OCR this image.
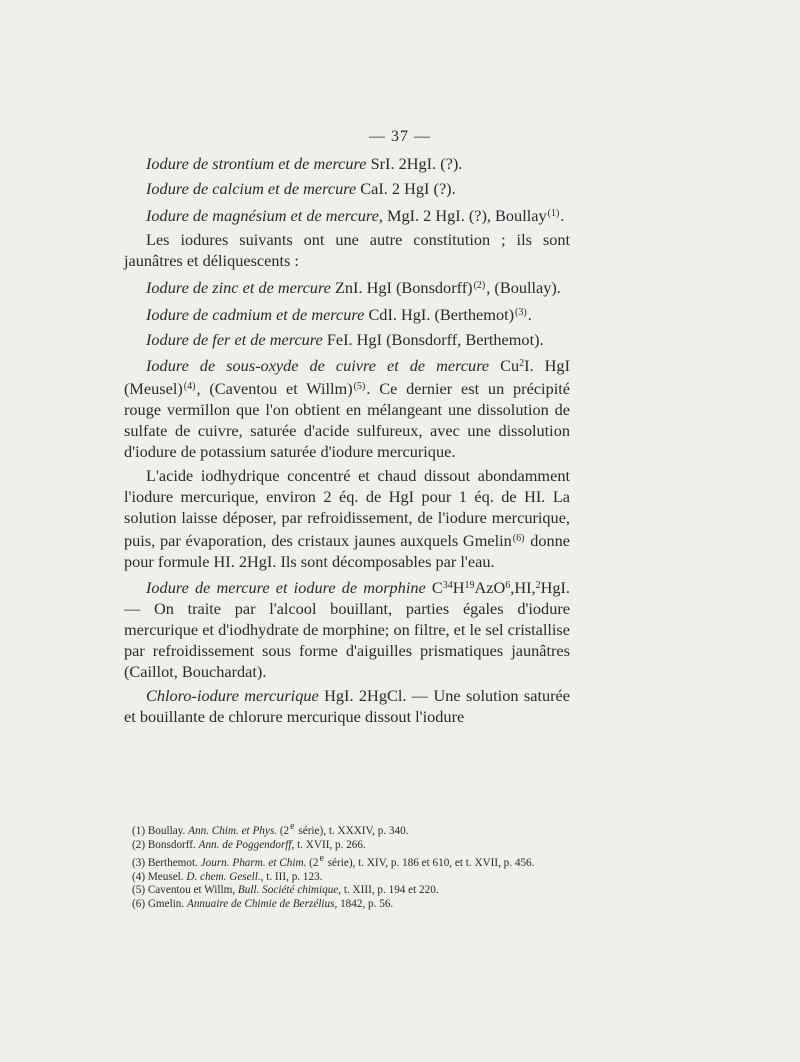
— 37 —

Iodure de strontium et de mercure SrI. 2HgI. (?).

Iodure de calcium et de mercure CaI. 2 HgI (?).

Iodure de magnésium et de mercure, MgI. 2 HgI. (?), Boullay$^{(1)}$.

Les iodures suivants ont une autre constitution ; ils sont jaunâtres et déliquescents :

Iodure de zinc et de mercure ZnI. HgI (Bonsdorff)$^{(2)}$, (Boullay).

Iodure de cadmium et de mercure CdI. HgI. (Berthemot)$^{(3)}$.

Iodure de fer et de mercure FeI. HgI (Bonsdorff, Berthemot).

Iodure de sous-oxyde de cuivre et de mercure Cu$^2$I. HgI (Meusel)$^{(4)}$, (Caventou et Willm)$^{(5)}$. Ce dernier est un précipité rouge vermillon que l'on obtient en mélangeant une dissolution de sulfate de cuivre, saturée d'acide sulfureux, avec une dissolution d'iodure de potassium saturée d'iodure mercurique.

L'acide iodhydrique concentré et chaud dissout abondamment l'iodure mercurique, environ 2 éq. de HgI pour 1 éq. de HI. La solution laisse déposer, par refroidissement, de l'iodure mercurique, puis, par évaporation, des cristaux jaunes auxquels Gmelin$^{(6)}$ donne pour formule HI. 2HgI. Ils sont décomposables par l'eau.

Iodure de mercure et iodure de morphine $C^{34}H^{19}AzO^6,HI,^2HgI$. — On traite par l'alcool bouillant, parties égales d'iodure mercurique et d'iodhydrate de morphine; on filtre, et le sel cristallise par refroidissement sous forme d'aiguilles prismatiques jaunâtres (Caillot, Bouchardat).

Chloro-iodure mercurique HgI. 2HgCl. — Une solution saturée et bouillante de chlorure mercurique dissout l'iodure

(1) Boullay. Ann. Chim. et Phys. (2e série), t. XXXIV, p. 340.

(2) Bonsdorff. Ann. de Poggendorff, t. XVII, p. 266.

(3) Berthemot. Journ. Pharm. et Chim. (2e série), t. XIV, p. 186 et 610, et t. XVII, p. 456.

(4) Meusel. D. chem. Gesell., t. III, p. 123.

(5) Caventou et Willm, Bull. Société chimique, t. XIII, p. 194 et 220.

(6) Gmelin. Annuaire de Chimie de Berzélius, 1842, p. 56.
